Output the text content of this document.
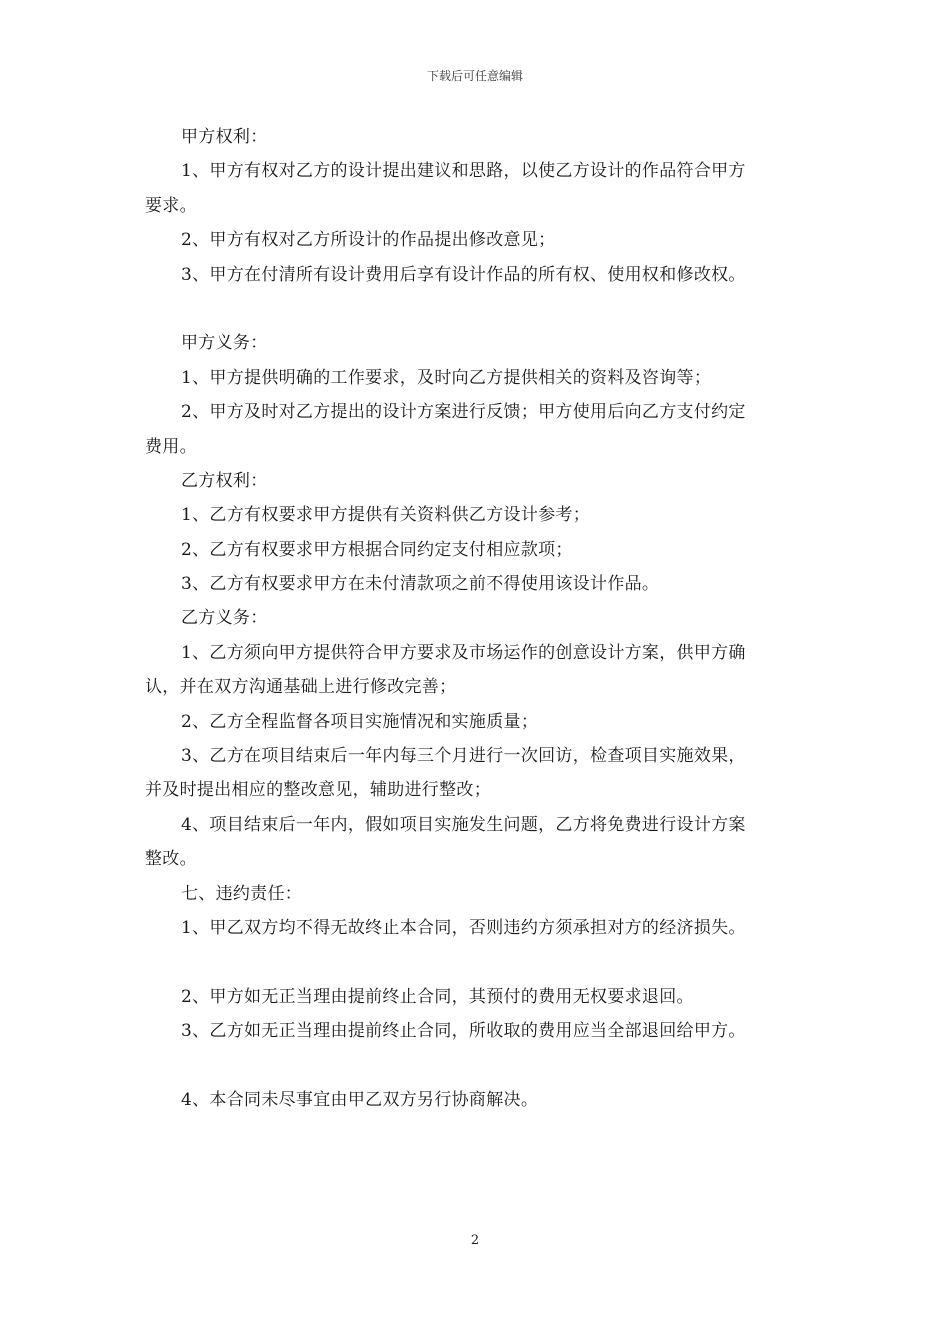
下载后可任意编辑
甲方权利：
1、甲方有权对乙方的设计提出建议和思路，以使乙方设计的作品符合甲方
要求。
2、甲方有权对乙方所设计的作品提出修改意见；
3、甲方在付清所有设计费用后享有设计作品的所有权、使用权和修改权。
甲方义务：
1、甲方提供明确的工作要求，及时向乙方提供相关的资料及咨询等；
2、甲方及时对乙方提出的设计方案进行反馈；甲方使用后向乙方支付约定
费用。
乙方权利：
1、乙方有权要求甲方提供有关资料供乙方设计参考；
2、乙方有权要求甲方根据合同约定支付相应款项；
3、乙方有权要求甲方在未付清款项之前不得使用该设计作品。
乙方义务：
1、乙方须向甲方提供符合甲方要求及市场运作的创意设计方案，供甲方确
认，并在双方沟通基础上进行修改完善；
2、乙方全程监督各项目实施情况和实施质量；
3、乙方在项目结束后一年内每三个月进行一次回访，检查项目实施效果，
并及时提出相应的整改意见，辅助进行整改；
4、项目结束后一年内，假如项目实施发生问题，乙方将免费进行设计方案
整改。
七、违约责任：
1、甲乙双方均不得无故终止本合同，否则违约方须承担对方的经济损失。
2、甲方如无正当理由提前终止合同，其预付的费用无权要求退回。
3、乙方如无正当理由提前终止合同，所收取的费用应当全部退回给甲方。
4、本合同未尽事宜由甲乙双方另行协商解决。
2
